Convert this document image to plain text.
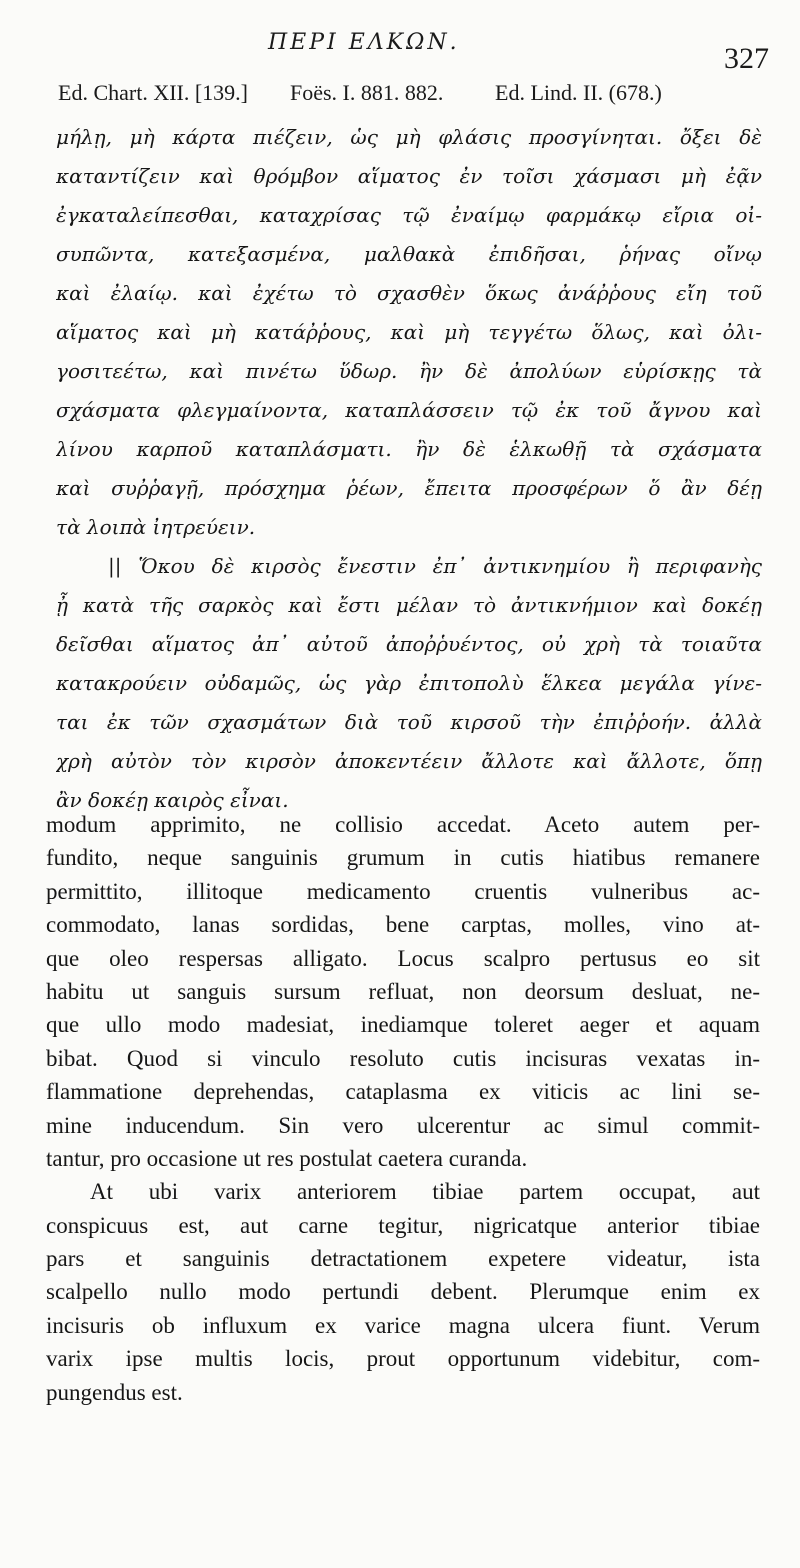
ΠΕΡΙ ΕΛΚΩΝ.	327
Ed. Chart. XII. [139.] Foës. I. 881. 882. Ed. Lind. II. (678.)
μήλῃ, μὴ κάρτα πιέζειν, ὡς μὴ φλάσις προσγίνηται. ὄξει δὲ
καταντίζειν καὶ θρόμβον αἵματος ἐν τοῖσι χάσμασι μὴ ἐᾷν
ἐγκαταλείπεσθαι, καταχρίσας τῷ ἐναίμῳ φαρμάκῳ εἴρια οἰ-
συπῶντα, κατεξασμένα, μαλθακὰ ἐπιδῆσαι, ῥήνας οἴνῳ
καὶ ἐλαίῳ. καὶ ἐχέτω τὸ σχασθὲν ὅκως ἀνάῤῥους εἴη τοῦ
αἵματος καὶ μὴ κατάῤῥους, καὶ μὴ τεγγέτω ὅλως, καὶ ὀλι-
γοσιτεέτω, καὶ πινέτω ὕδωρ. ἢν δὲ ἀπολύων εὑρίσκῃς τὰ
σχάσματα φλεγμαίνοντα, καταπλάσσειν τῷ ἐκ τοῦ ἄγνου καὶ
λίνου καρποῦ καταπλάσματι. ἢν δὲ ἑλκωθῇ τὰ σχάσματα
καὶ συῤῥαγῇ, πρόσχημα ῥέων, ἔπειτα προσφέρων ὅ ἂν δέῃ
τὰ λοιπὰ ἰητρεύειν.
|| Ὅκου δὲ κιρσὸς ἔνεστιν ἐπ᾽ ἀντικνημίου ἢ περιφανὴς
ᾖ κατὰ τῆς σαρκὸς καὶ ἔστι μέλαν τὸ ἀντικνήμιον καὶ δοκέῃ
δεῖσθαι αἵματος ἀπ᾽ αὐτοῦ ἀποῤῥυέντος, οὐ χρὴ τὰ τοιαῦτα
κατακρούειν οὐδαμῶς, ὡς γὰρ ἐπιτοπολὺ ἕλκεα μεγάλα γίνε-
ται ἐκ τῶν σχασμάτων διὰ τοῦ κιρσοῦ τὴν ἐπιῤῥοήν. ἀλλὰ
χρὴ αὐτὸν τὸν κιρσὸν ἀποκεντέειν ἄλλοτε καὶ ἄλλοτε, ὅπῃ
ἂν δοκέῃ καιρὸς εἶναι.
modum apprimito, ne collisio accedat. Aceto autem per-
fundito, neque sanguinis grumum in cutis hiatibus remanere
permittito, illitoque medicamento cruentis vulneribus ac-
commodato, lanas sordidas, bene carptas, molles, vino at-
que oleo respersas alligato. Locus scalpro pertusus eo sit
habitu ut sanguis sursum refluat, non deorsum desluat, ne-
que ullo modo madesiat, inediamque toleret aeger et aquam
bibat. Quod si vinculo resoluto cutis incisuras vexatas in-
flammatione deprehendas, cataplasma ex viticis ac lini se-
mine inducendum. Sin vero ulcerentur ac simul commit-
tantur, pro occasione ut res postulat caetera curanda.
At ubi varix anteriorem tibiae partem occupat, aut
conspicuus est, aut carne tegitur, nigricatque anterior tibiae
pars et sanguinis detractationem expetere videatur, ista
scalpello nullo modo pertundi debent. Plerumque enim ex
incisuris ob influxum ex varice magna ulcera fiunt. Verum
varix ipse multis locis, prout opportunum videbitur, com-
pungendus est.
